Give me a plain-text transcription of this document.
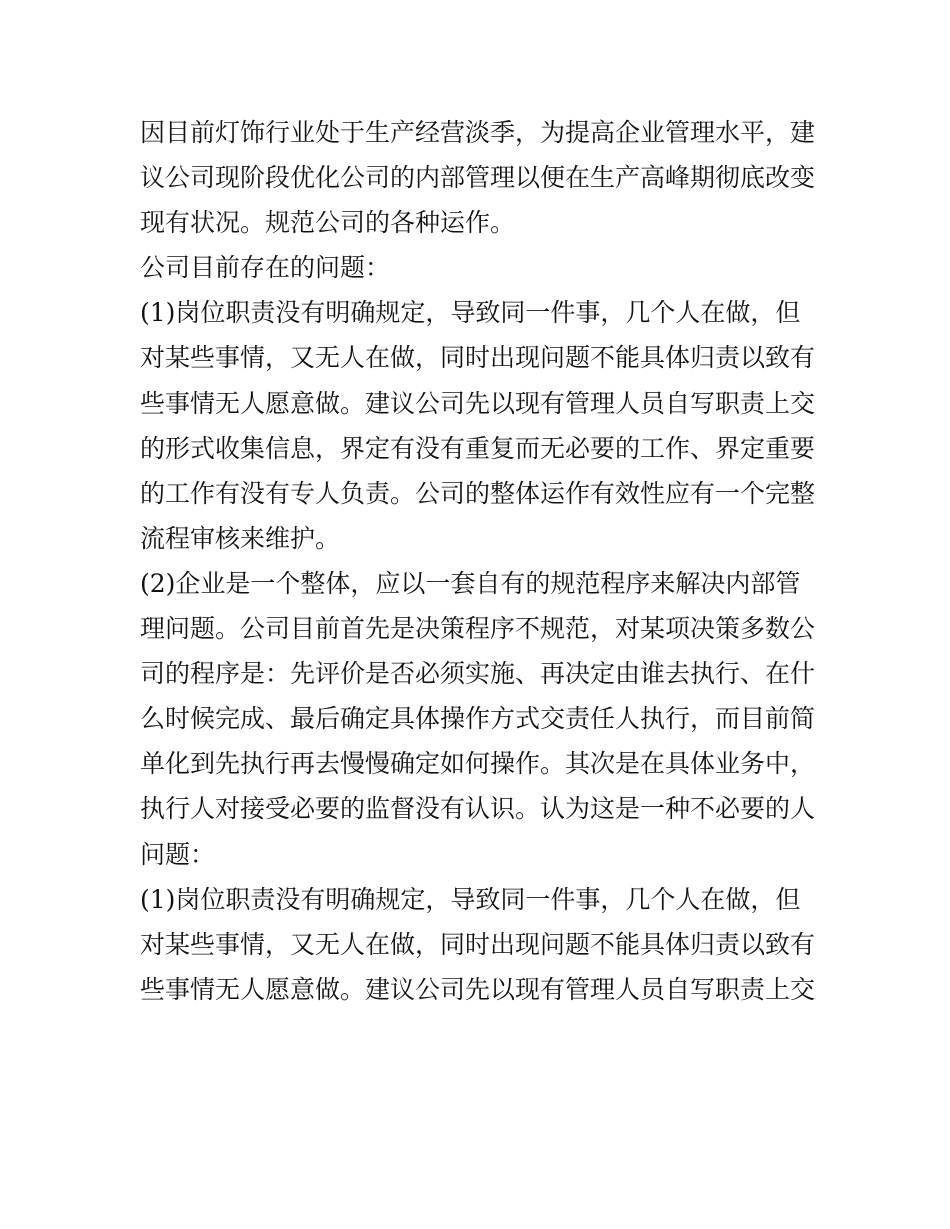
因目前灯饰行业处于生产经营淡季，为提高企业管理水平，建
议公司现阶段优化公司的内部管理以便在生产高峰期彻底改变
现有状况。规范公司的各种运作。
公司目前存在的问题：
(1)岗位职责没有明确规定，导致同一件事，几个人在做，但
对某些事情，又无人在做，同时出现问题不能具体归责以致有
些事情无人愿意做。建议公司先以现有管理人员自写职责上交
的形式收集信息，界定有没有重复而无必要的工作、界定重要
的工作有没有专人负责。公司的整体运作有效性应有一个完整
流程审核来维护。
(2)企业是一个整体，应以一套自有的规范程序来解决内部管
理问题。公司目前首先是决策程序不规范，对某项决策多数公
司的程序是：先评价是否必须实施、再决定由谁去执行、在什
么时候完成、最后确定具体操作方式交责任人执行，而目前简
单化到先执行再去慢慢确定如何操作。其次是在具体业务中，
执行人对接受必要的监督没有认识。认为这是一种不必要的人
问题：
(1)岗位职责没有明确规定，导致同一件事，几个人在做，但
对某些事情，又无人在做，同时出现问题不能具体归责以致有
些事情无人愿意做。建议公司先以现有管理人员自写职责上交
